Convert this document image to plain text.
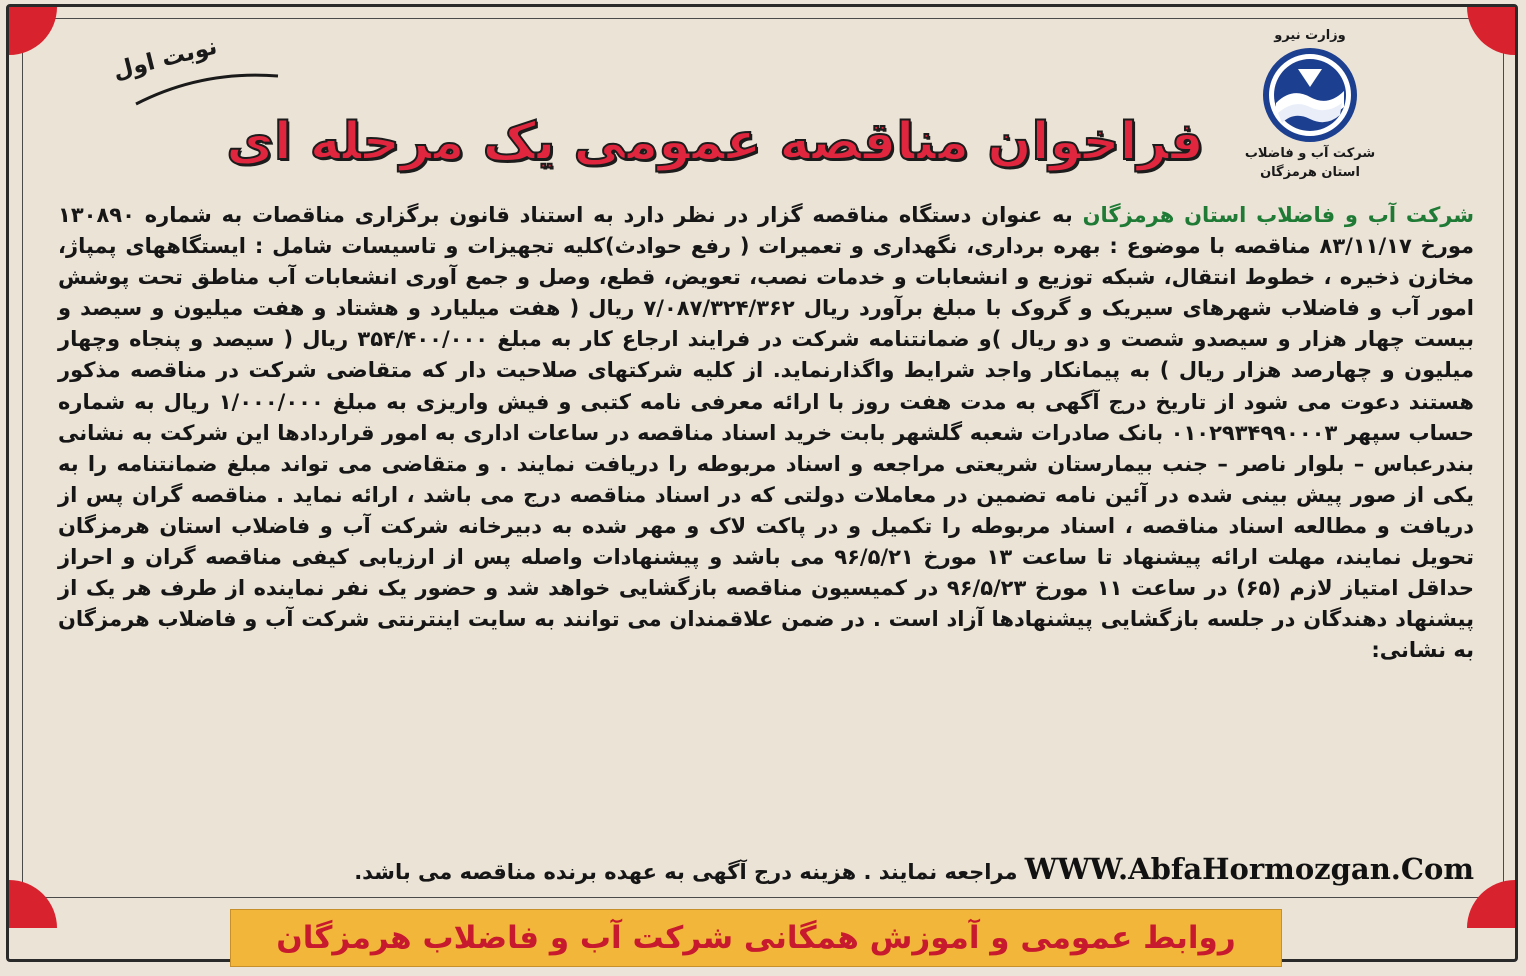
وزارت نیرو
شرکت آب و فاضلاب
استان هرمزگان
نوبت اول
فراخوان مناقصه عمومی یک مرحله ای
شرکت آب و فاضلاب استان هرمزگان به عنوان دستگاه مناقصه گزار در نظر دارد به استناد قانون برگزاری مناقصات به شماره ۱۳۰۸۹۰ مورخ ۸۳/۱۱/۱۷ مناقصه با موضوع : بهره برداری، نگهداری و تعمیرات ( رفع حوادث)کلیه تجهیزات و تاسیسات شامل : ایستگاههای پمپاژ، مخازن ذخیره ، خطوط انتقال، شبکه توزیع و انشعابات و خدمات نصب، تعویض، قطع، وصل و جمع آوری انشعابات آب مناطق تحت پوشش امور آب و فاضلاب شهرهای سیریک و گروک با مبلغ برآورد ریال ۷/۰۸۷/۳۲۴/۳۶۲ ریال ( هفت میلیارد و هشتاد و هفت میلیون و سیصد و بیست چهار هزار و سیصدو شصت و دو ریال )و ضمانتنامه شرکت در فرایند ارجاع کار به مبلغ ۳۵۴/۴۰۰/۰۰۰ ریال ( سیصد و پنجاه وچهار میلیون و چهارصد هزار ریال ) به پیمانکار واجد شرایط واگذارنماید. از کلیه شرکتهای صلاحیت دار که متقاضی شرکت در مناقصه مذکور هستند دعوت می شود از تاریخ درج آگهی به مدت هفت روز با ارائه معرفی نامه کتبی و فیش واریزی به مبلغ ۱/۰۰۰/۰۰۰ ریال به شماره حساب سپهر ۰۱۰۲۹۳۴۹۹۰۰۰۳ بانک صادرات شعبه گلشهر بابت خرید اسناد مناقصه در ساعات اداری به امور قراردادها این شرکت به نشانی بندرعباس – بلوار ناصر – جنب بیمارستان شریعتی مراجعه و اسناد مربوطه را دریافت نمایند . و متقاضی می تواند مبلغ ضمانتنامه را به یکی از صور پیش بینی شده در آئین نامه تضمین در معاملات دولتی که در اسناد مناقصه درج می باشد ، ارائه نماید . مناقصه گران پس از دریافت و مطالعه اسناد مناقصه ، اسناد مربوطه را تکمیل و در پاکت لاک و مهر شده به دبیرخانه شرکت آب و فاضلاب استان هرمزگان تحویل نمایند، مهلت ارائه پیشنهاد تا ساعت ۱۳ مورخ ۹۶/۵/۲۱ می باشد و پیشنهادات واصله پس از ارزیابی کیفی مناقصه گران و احراز حداقل امتیاز لازم (۶۵) در ساعت ۱۱ مورخ ۹۶/۵/۲۳ در کمیسیون مناقصه بازگشایی خواهد شد و حضور یک نفر نماینده از طرف هر یک از پیشنهاد دهندگان در جلسه بازگشایی پیشنهادها آزاد است . در ضمن علاقمندان می توانند به سایت اینترنتی شرکت آب و فاضلاب هرمزگان به نشانی:
WWW.AbfaHormozgan.Com مراجعه نمایند . هزینه درج آگهی به عهده برنده مناقصه می باشد.
روابط عمومی و آموزش همگانی شرکت آب و فاضلاب هرمزگان
